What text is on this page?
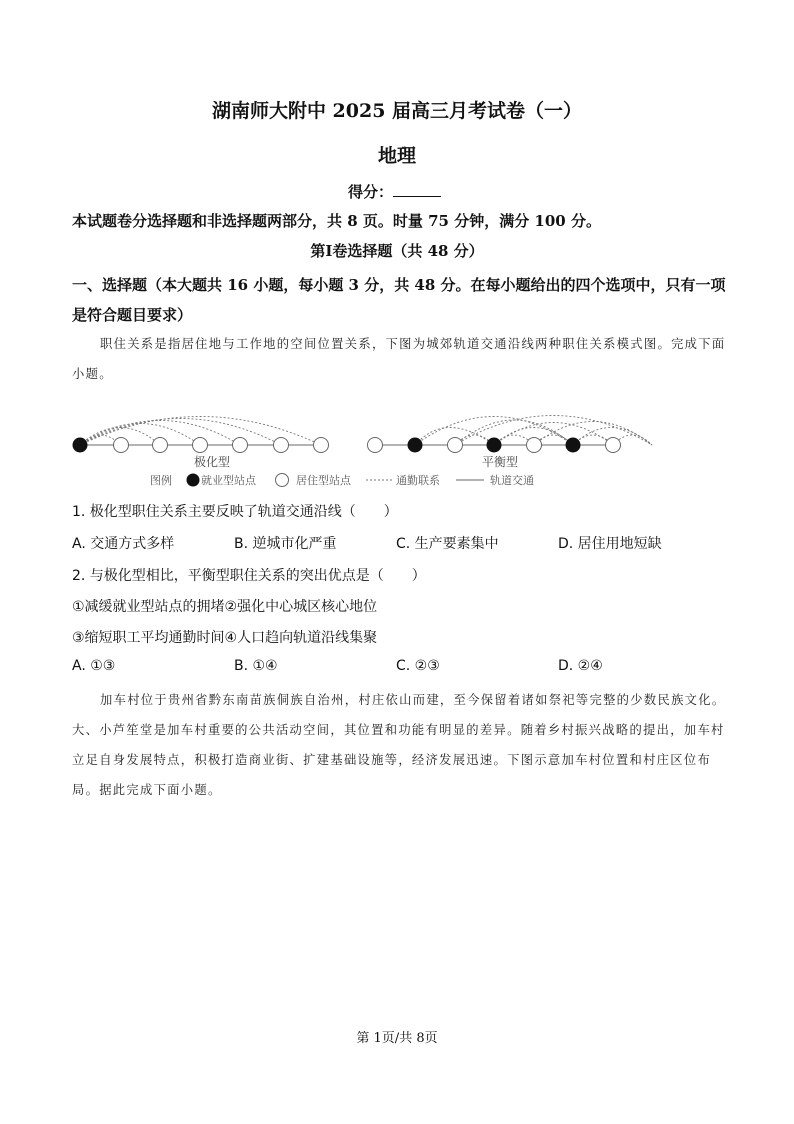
湖南师大附中 2025 届高三月考试卷（一）
地理
得分：
本试题卷分选择题和非选择题两部分，共 8 页。时量 75 分钟，满分 100 分。
第Ⅰ卷选择题（共 48 分）
一、选择题（本大题共 16 小题，每小题 3 分，共 48 分。在每小题给出的四个选项中，只有一项是符合题目要求）
职住关系是指居住地与工作地的空间位置关系，下图为城郊轨道交通沿线两种职住关系模式图。完成下面小题。
极化型	平衡型
图例	就业型站点	居住型站点	通勤联系	轨道交通
1. 极化型职住关系主要反映了轨道交通沿线（　　）
A. 交通方式多样	B. 逆城市化严重	C. 生产要素集中	D. 居住用地短缺
2. 与极化型相比，平衡型职住关系的突出优点是（　　）
①减缓就业型站点的拥堵②强化中心城区核心地位
③缩短职工平均通勤时间④人口趋向轨道沿线集聚
A. ①③	B. ①④	C. ②③	D. ②④
加车村位于贵州省黔东南苗族侗族自治州，村庄依山而建，至今保留着诸如祭祀等完整的少数民族文化。大、小芦笙堂是加车村重要的公共活动空间，其位置和功能有明显的差异。随着乡村振兴战略的提出，加车村立足自身发展特点，积极打造商业街、扩建基础设施等，经济发展迅速。下图示意加车村位置和村庄区位布局。据此完成下面小题。
第 1页/共 8页
